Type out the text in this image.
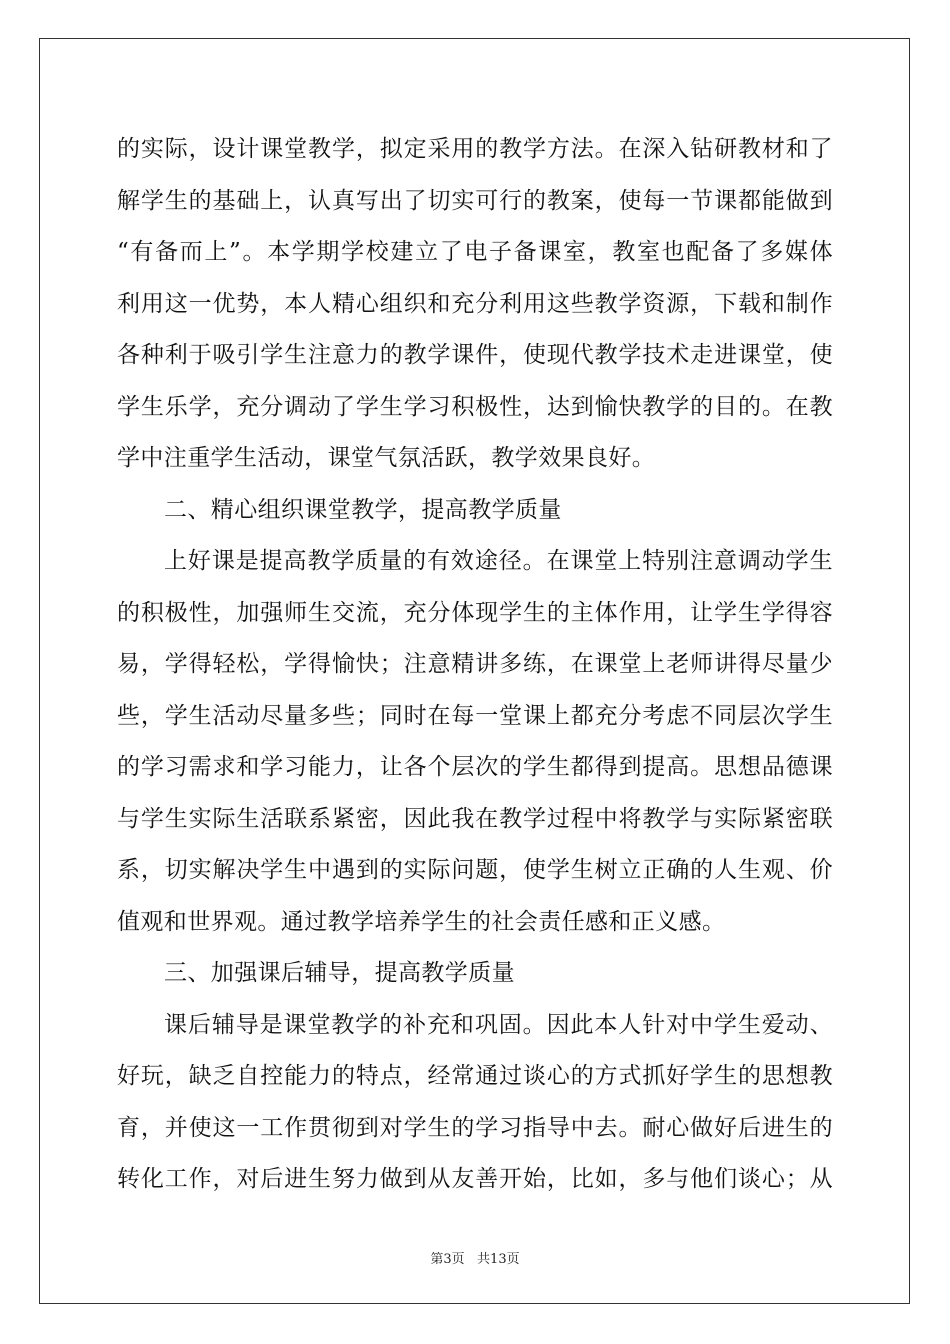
的实际，设计课堂教学，拟定采用的教学方法。在深入钻研教材和了
解学生的基础上，认真写出了切实可行的教案，使每一节课都能做到
“有备而上”。本学期学校建立了电子备课室，教室也配备了多媒体
利用这一优势，本人精心组织和充分利用这些教学资源，下载和制作
各种利于吸引学生注意力的教学课件，使现代教学技术走进课堂，使
学生乐学，充分调动了学生学习积极性，达到愉快教学的目的。在教
学中注重学生活动，课堂气氛活跃，教学效果良好。
二、精心组织课堂教学，提高教学质量
上好课是提高教学质量的有效途径。在课堂上特别注意调动学生
的积极性，加强师生交流，充分体现学生的主体作用，让学生学得容
易，学得轻松，学得愉快；注意精讲多练，在课堂上老师讲得尽量少
些，学生活动尽量多些；同时在每一堂课上都充分考虑不同层次学生
的学习需求和学习能力，让各个层次的学生都得到提高。思想品德课
与学生实际生活联系紧密，因此我在教学过程中将教学与实际紧密联
系，切实解决学生中遇到的实际问题，使学生树立正确的人生观、价
值观和世界观。通过教学培养学生的社会责任感和正义感。
三、加强课后辅导，提高教学质量
课后辅导是课堂教学的补充和巩固。因此本人针对中学生爱动、
好玩，缺乏自控能力的特点，经常通过谈心的方式抓好学生的思想教
育，并使这一工作贯彻到对学生的学习指导中去。耐心做好后进生的
转化工作，对后进生努力做到从友善开始，比如，多与他们谈心；从
第3页   共13页
